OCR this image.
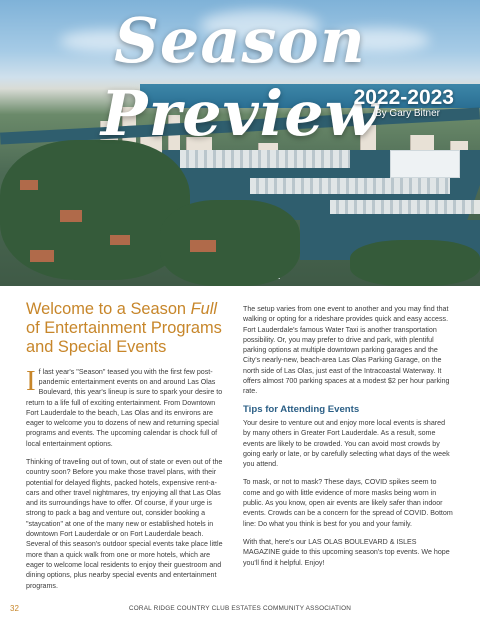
Season Preview
2022-2023
By Gary Bitner
Welcome to a Season Full of Entertainment Programs and Special Events

If last year's "Season" teased you with the first few post-pandemic entertainment events on and around Las Olas Boulevard, this year's lineup is sure to spark your desire to return to a life full of exciting entertainment. From Downtown Fort Lauderdale to the beach, Las Olas and its environs are eager to welcome you to dozens of new and returning special programs and events. The upcoming calendar is chock full of local entertainment options.

Thinking of traveling out of town, out of state or even out of the country soon? Before you make those travel plans, with their potential for delayed flights, packed hotels, expensive rent-a-cars and other travel nightmares, try enjoying all that Las Olas and its surroundings have to offer. Of course, if your urge is strong to pack a bag and venture out, consider booking a "staycation" at one of the many new or established hotels in downtown Fort Lauderdale or on Fort Lauderdale beach. Several of this season's outdoor special events take place little more than a quick walk from one or more hotels, which are eager to welcome local residents to enjoy their guestroom and dining options, plus nearby special events and entertainment programs.

The setup varies from one event to another and you may find that walking or opting for a rideshare provides quick and easy access. Fort Lauderdale's famous Water Taxi is another transportation possibility. Or, you may prefer to drive and park, with plentiful parking options at multiple downtown parking garages and the City's nearly-new, beach-area Las Olas Parking Garage, on the north side of Las Olas, just east of the Intracoastal Waterway. It offers almost 700 parking spaces at a modest $2 per hour parking rate.

Tips for Attending Events

Your desire to venture out and enjoy more local events is shared by many others in Greater Fort Lauderdale. As a result, some events are likely to be crowded. You can avoid most crowds by going early or late, or by carefully selecting what days of the week you attend.

To mask, or not to mask? These days, COVID spikes seem to come and go with little evidence of more masks being worn in public. As you know, open air events are likely safer than indoor events. Crowds can be a concern for the spread of COVID. Bottom line: Do what you think is best for you and your family.

With that, here's our LAS OLAS BOULEVARD & ISLES MAGAZINE guide to this upcoming season's top events. We hope you'll find it helpful. Enjoy!

32	CORAL RIDGE COUNTRY CLUB ESTATES COMMUNITY ASSOCIATION
